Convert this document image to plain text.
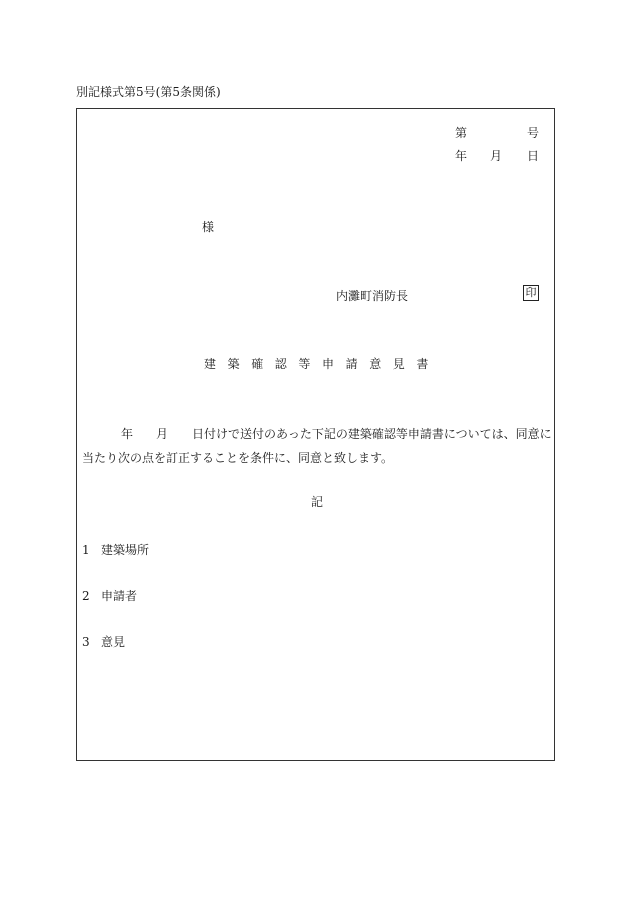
別記様式第5号(第5条関係)
第	号
年 月 日
様
内灘町消防長	印
建築確認等申請意見書
年 月 日付けで送付のあった下記の建築確認等申請書については、同意に
当たり次の点を訂正することを条件に、同意と致します。
記
1 建築場所
2 申請者
3 意見
